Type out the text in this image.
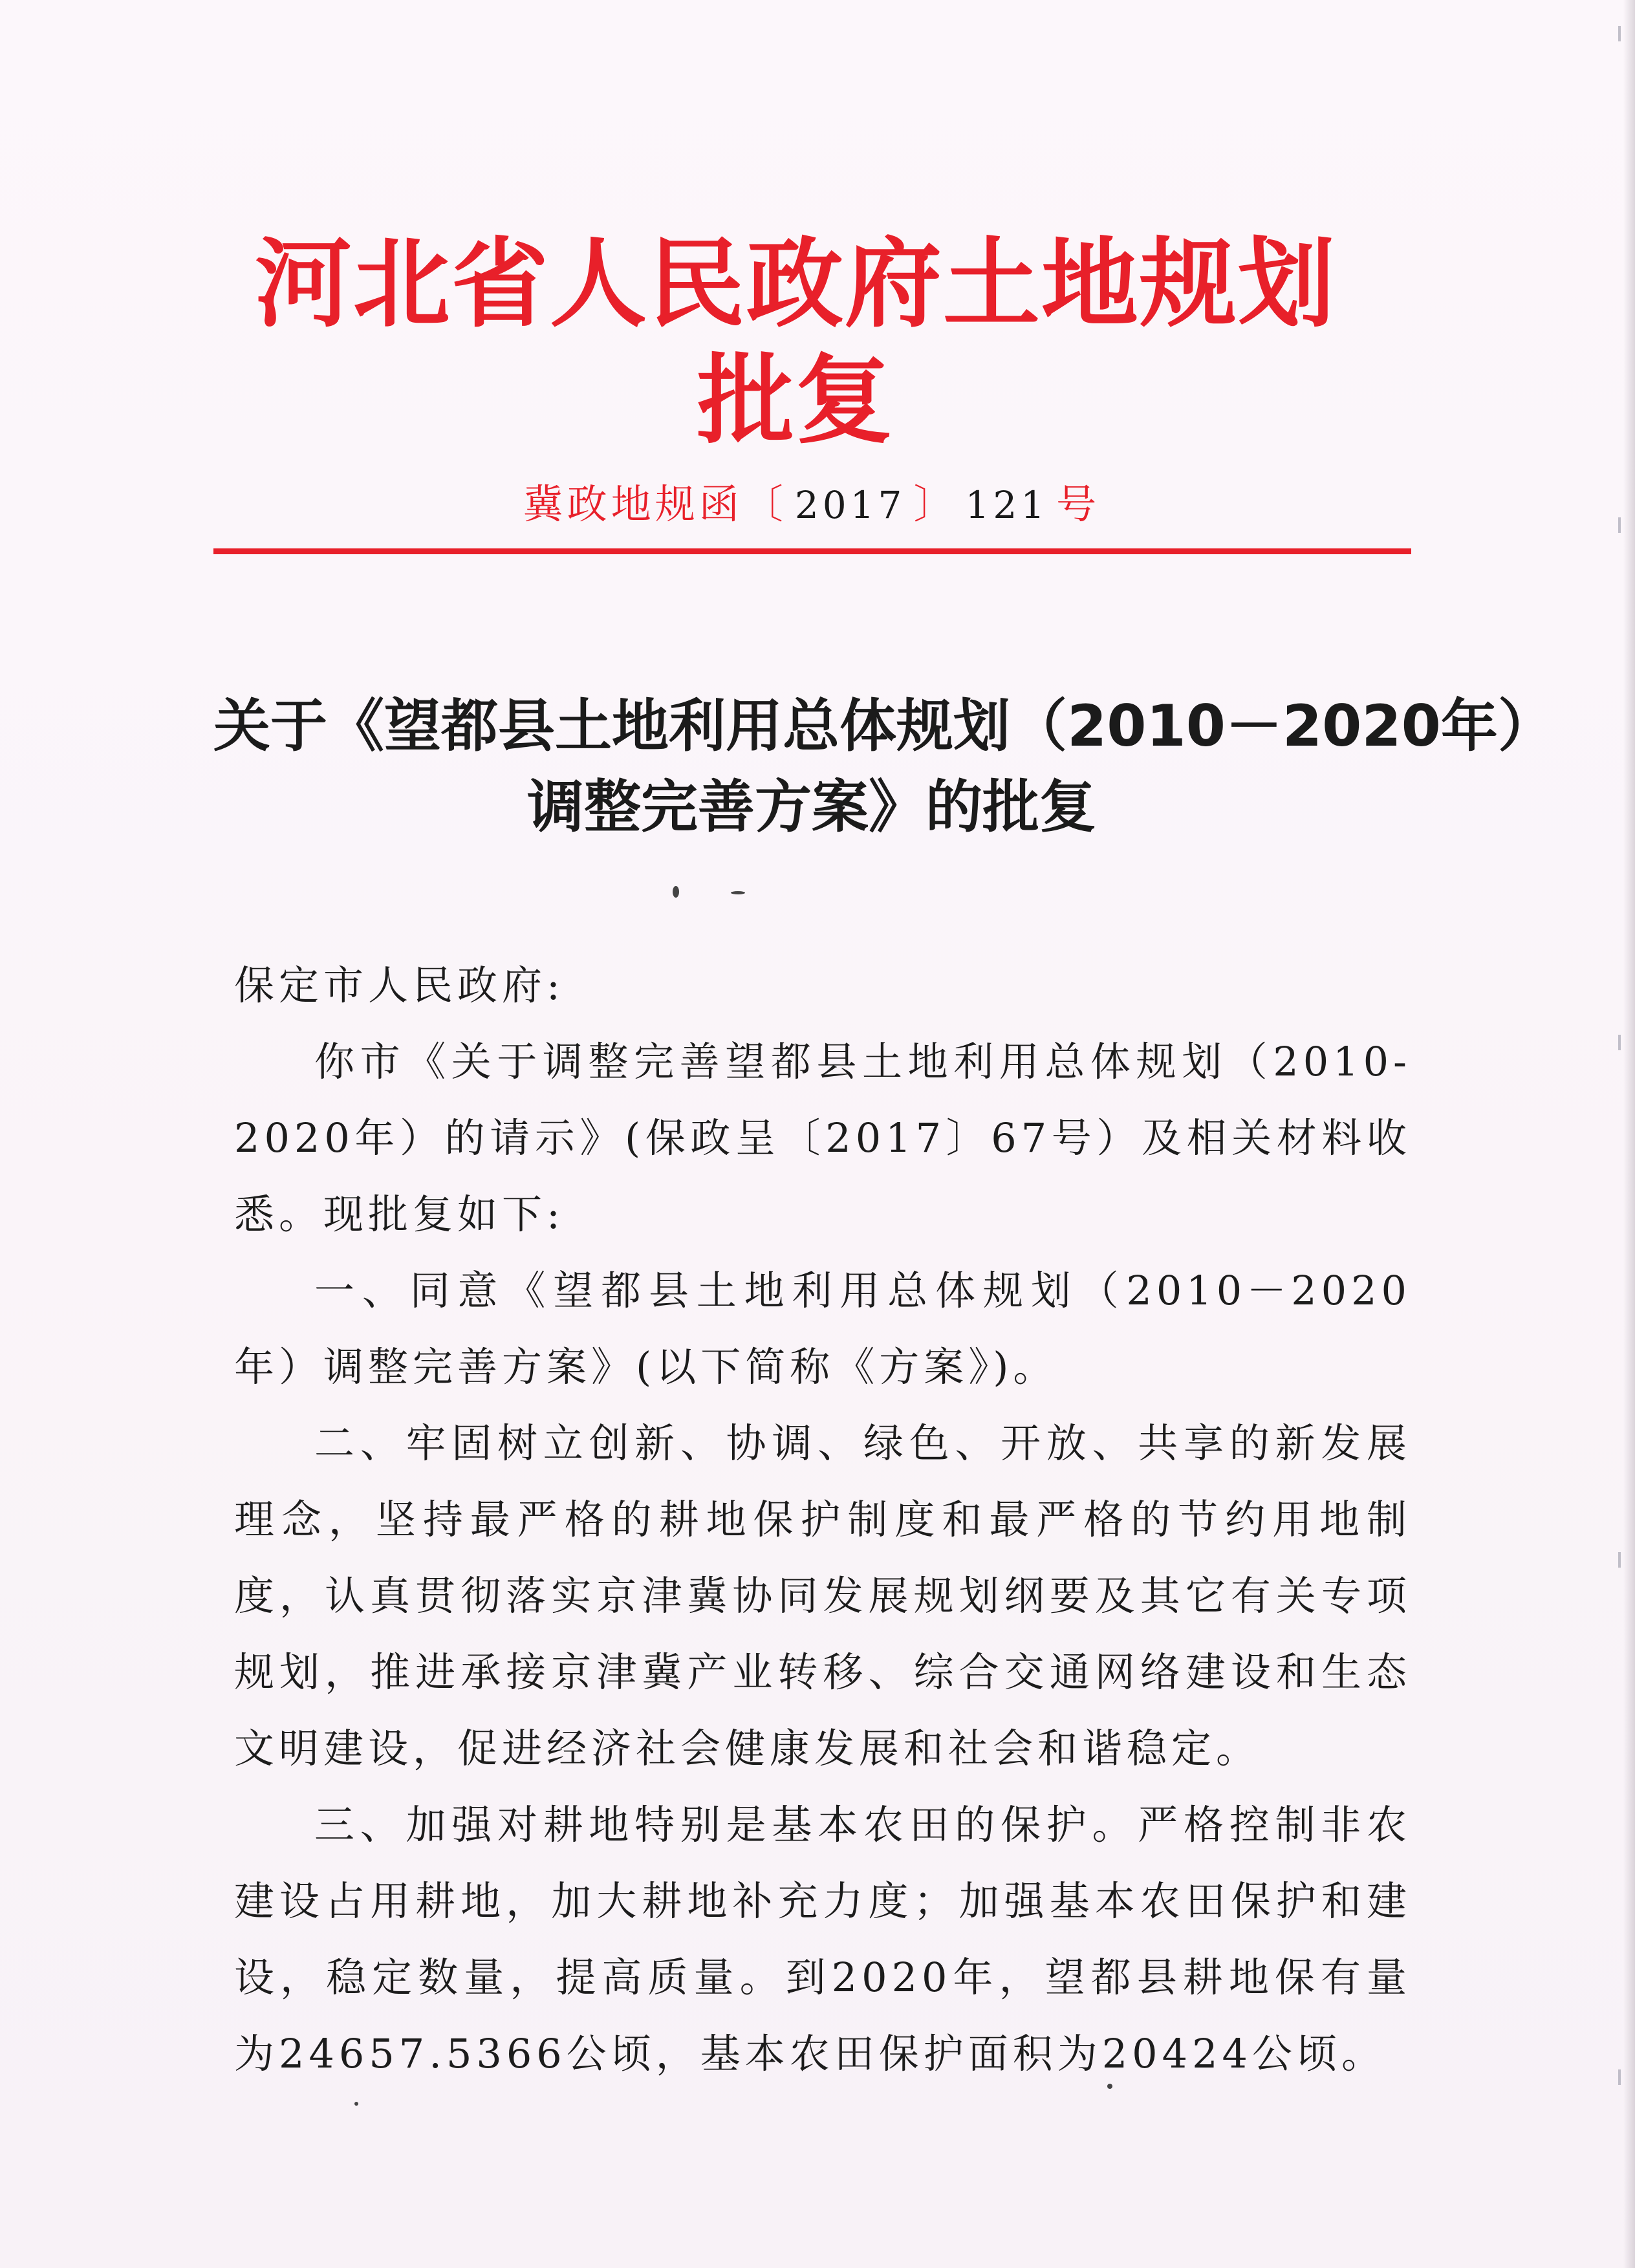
河北省人民政府土地规划批复
冀政地规函〔 2017 〕 121 号
关于《望都县土地利用总体规划（2010－2020年）
调整完善方案》的批复

保定市人民政府:

你市《关于调整完善望都县土地利用总体规划（2010-2020年）的请示》(保政呈〔2017〕67号）及相关材料收悉。现批复如下:

一、同意《望都县土地利用总体规划（2010－2020年）调整完善方案》(以下简称《方案》)。

二、牢固树立创新、协调、绿色、开放、共享的新发展理念，坚持最严格的耕地保护制度和最严格的节约用地制度，认真贯彻落实京津冀协同发展规划纲要及其它有关专项规划，推进承接京津冀产业转移、综合交通网络建设和生态文明建设，促进经济社会健康发展和社会和谐稳定。

三、加强对耕地特别是基本农田的保护。严格控制非农建设占用耕地，加大耕地补充力度；加强基本农田保护和建设，稳定数量，提高质量。到2020年，望都县耕地保有量为24657.5366公顷，基本农田保护面积为20424公顷。
